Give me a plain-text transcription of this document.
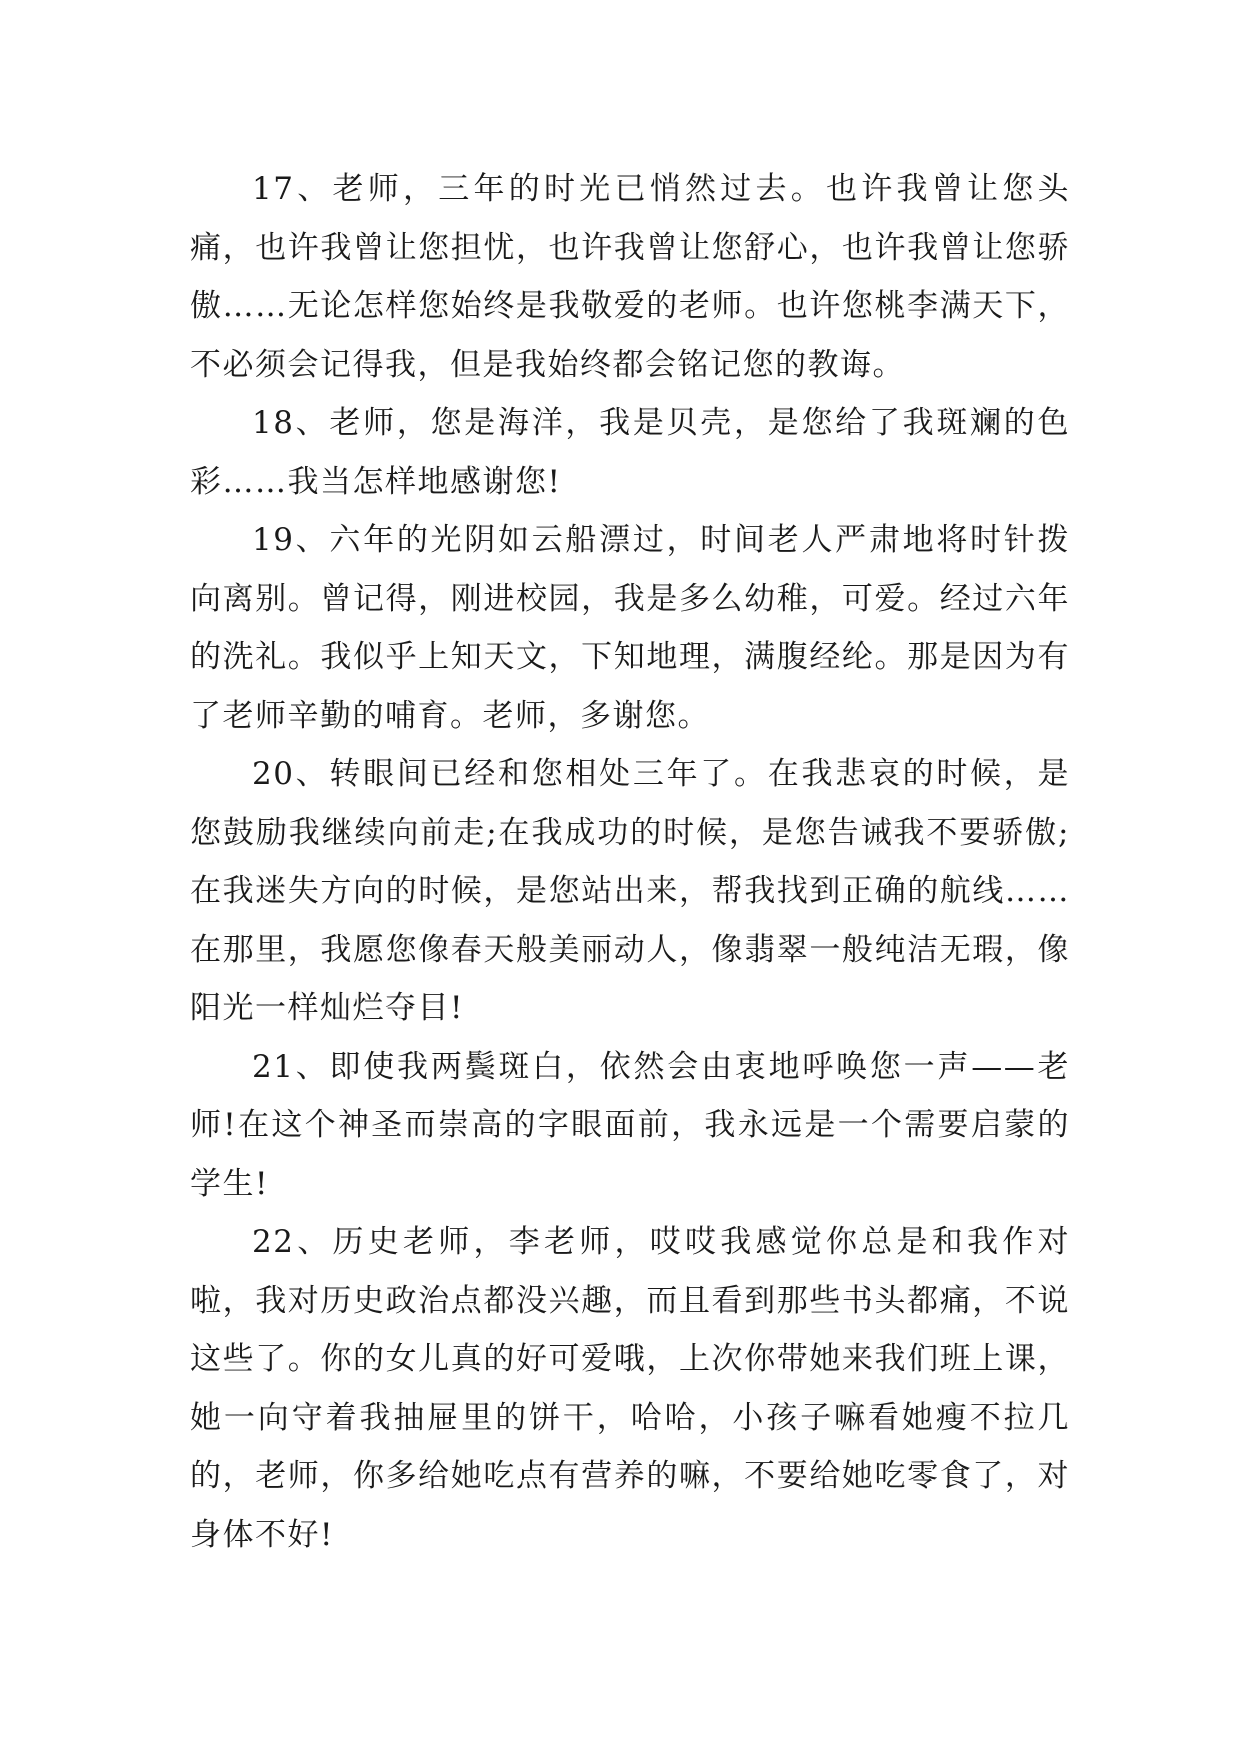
17、老师，三年的时光已悄然过去。也许我曾让您头痛，也许我曾让您担忧，也许我曾让您舒心，也许我曾让您骄傲……无论怎样您始终是我敬爱的老师。也许您桃李满天下，不必须会记得我，但是我始终都会铭记您的教诲。

18、老师，您是海洋，我是贝壳，是您给了我斑斓的色彩……我当怎样地感谢您!

19、六年的光阴如云船漂过，时间老人严肃地将时针拨向离别。曾记得，刚进校园，我是多么幼稚，可爱。经过六年的洗礼。我似乎上知天文，下知地理，满腹经纶。那是因为有了老师辛勤的哺育。老师，多谢您。

20、转眼间已经和您相处三年了。在我悲哀的时候，是您鼓励我继续向前走;在我成功的时候，是您告诫我不要骄傲;在我迷失方向的时候，是您站出来，帮我找到正确的航线……在那里，我愿您像春天般美丽动人，像翡翠一般纯洁无瑕，像阳光一样灿烂夺目!

21、即使我两鬓斑白，依然会由衷地呼唤您一声——老师!在这个神圣而崇高的字眼面前，我永远是一个需要启蒙的学生!

22、历史老师，李老师，哎哎我感觉你总是和我作对啦，我对历史政治点都没兴趣，而且看到那些书头都痛，不说这些了。你的女儿真的好可爱哦，上次你带她来我们班上课，她一向守着我抽屉里的饼干，哈哈，小孩子嘛看她瘦不拉几的，老师，你多给她吃点有营养的嘛，不要给她吃零食了，对身体不好!
